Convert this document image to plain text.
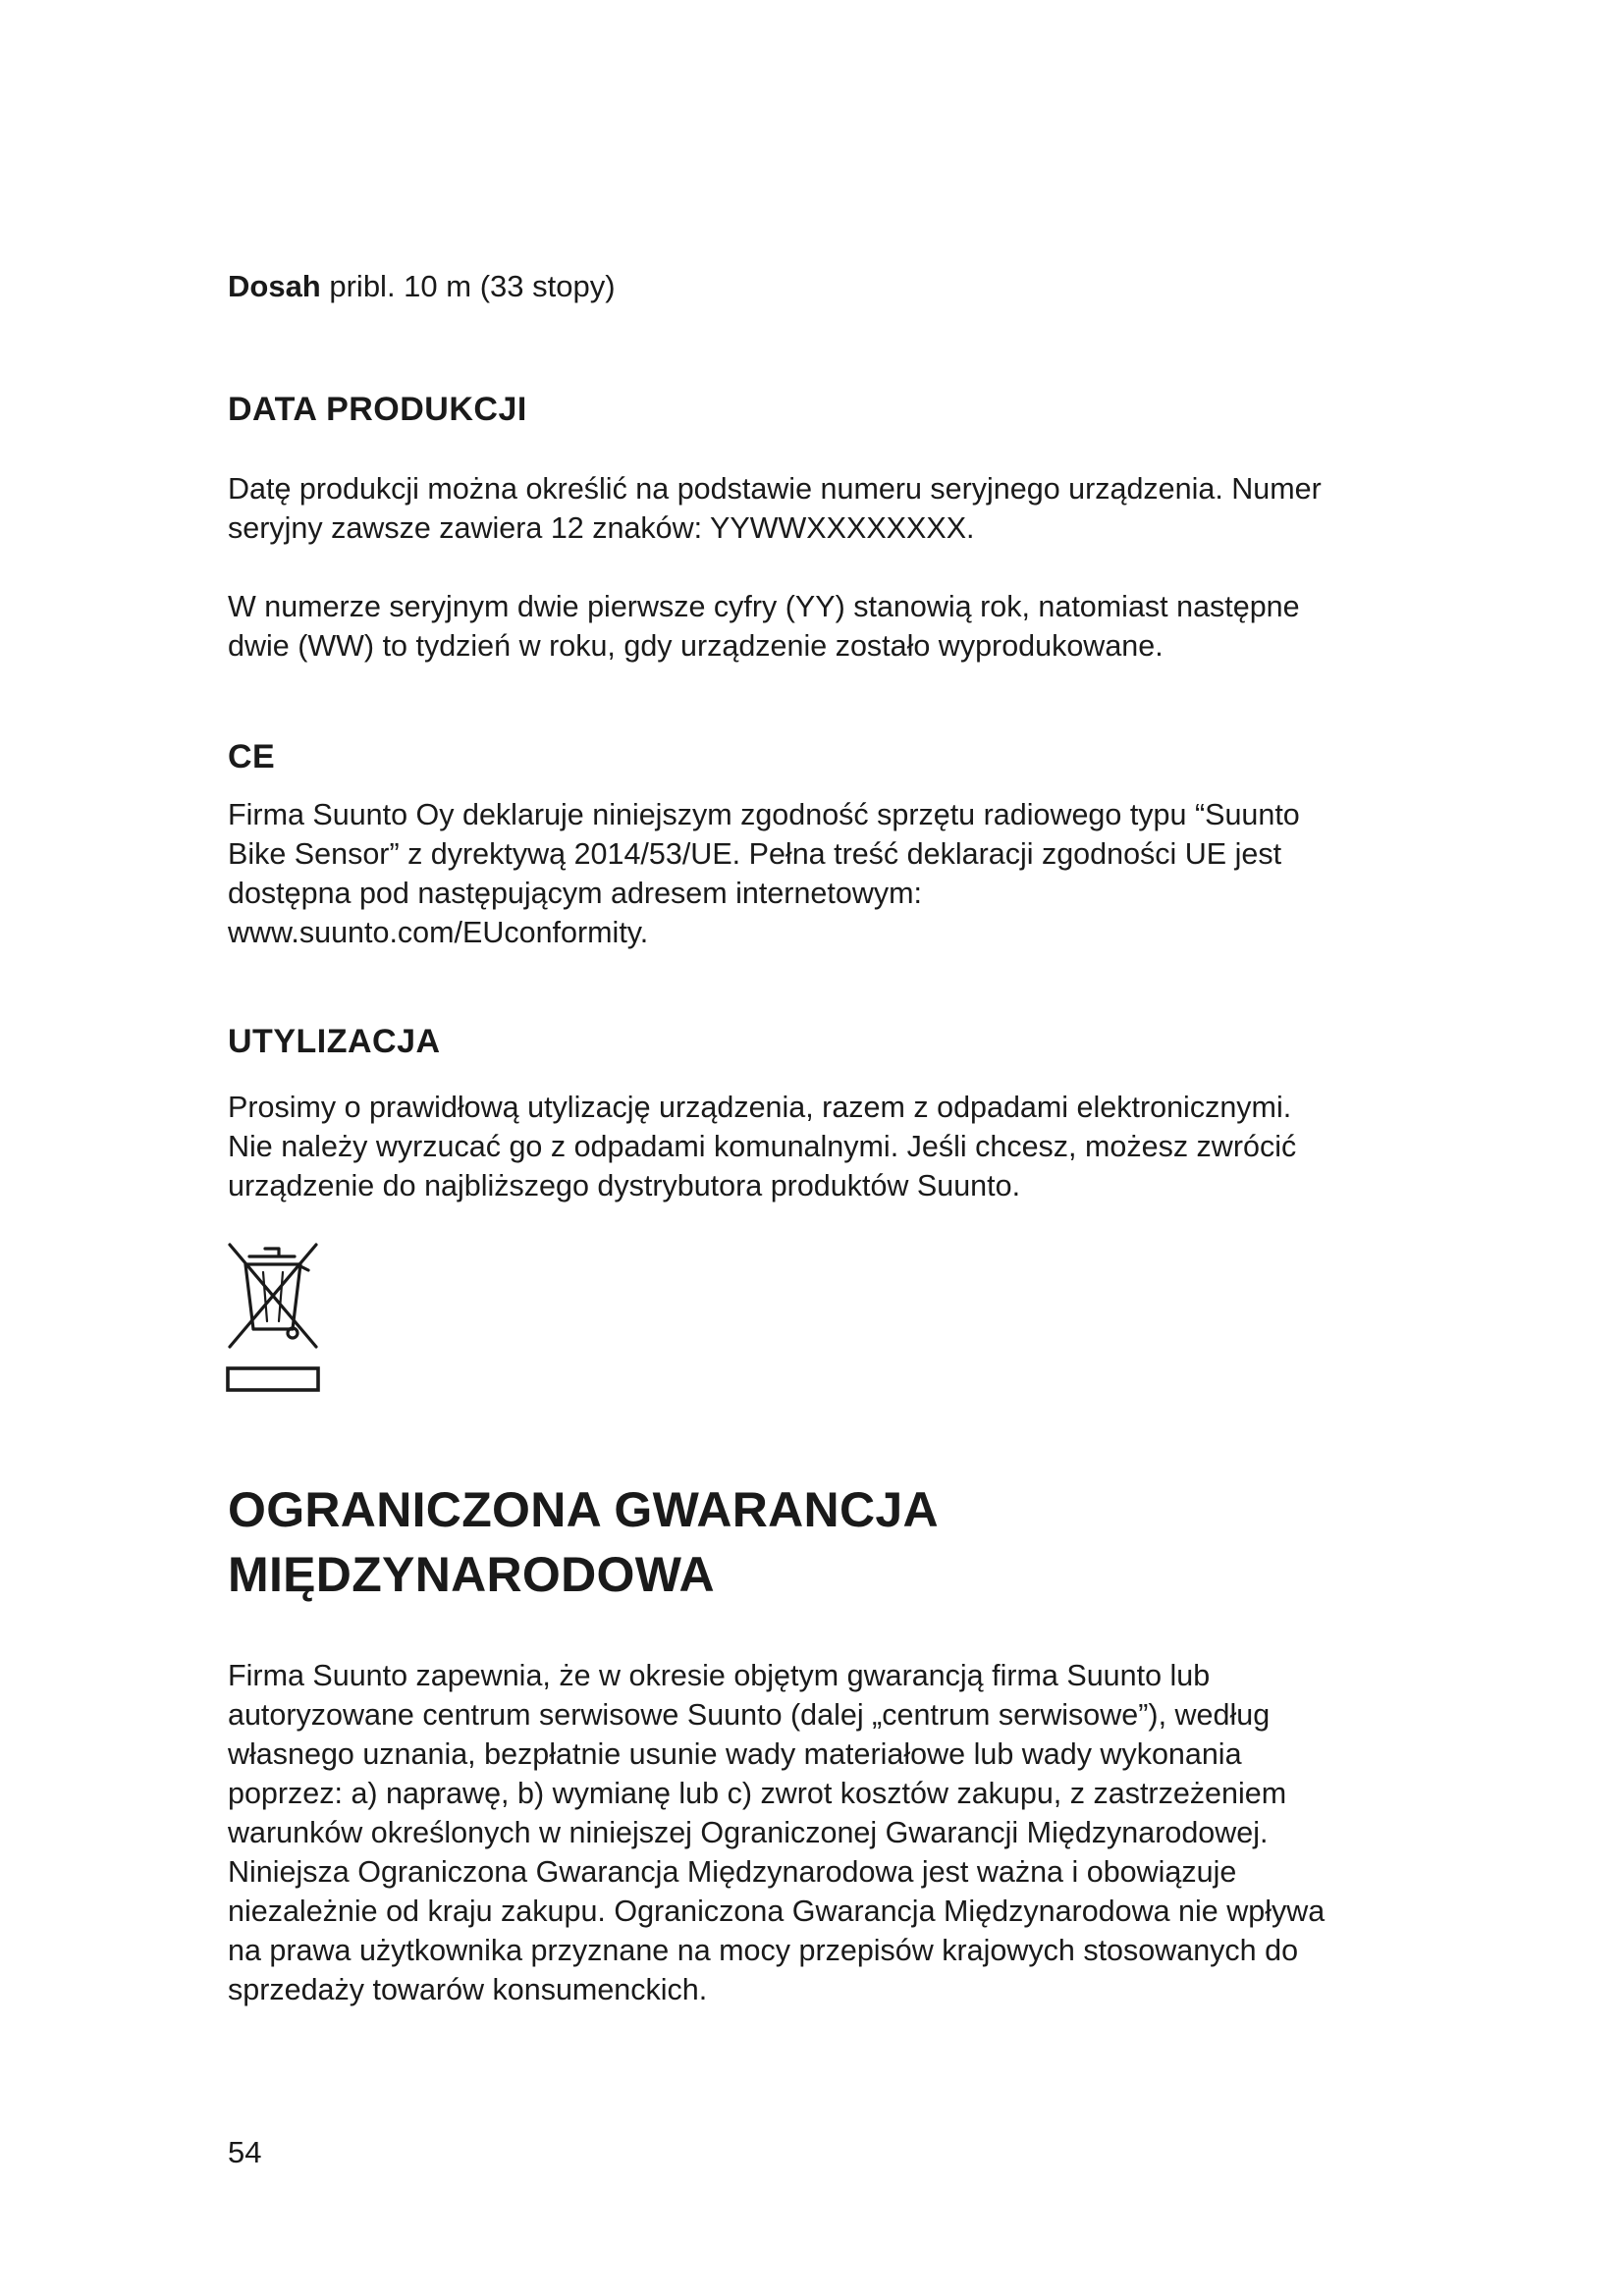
Dosah pribl. 10 m (33 stopy)
DATA PRODUKCJI

Datę produkcji można określić na podstawie numeru seryjnego urządzenia. Numer
seryjny zawsze zawiera 12 znaków: YYWWXXXXXXXX.

W numerze seryjnym dwie pierwsze cyfry (YY) stanowią rok, natomiast następne
dwie (WW) to tydzień w roku, gdy urządzenie zostało wyprodukowane.

CE

Firma Suunto Oy deklaruje niniejszym zgodność sprzętu radiowego typu “Suunto
Bike Sensor” z dyrektywą 2014/53/UE. Pełna treść deklaracji zgodności UE jest
dostępna pod następującym adresem internetowym:
www.suunto.com/EUconformity.

UTYLIZACJA

Prosimy o prawidłową utylizację urządzenia, razem z odpadami elektronicznymi.
Nie należy wyrzucać go z odpadami komunalnymi. Jeśli chcesz, możesz zwrócić
urządzenie do najbliższego dystrybutora produktów Suunto.

OGRANICZONA GWARANCJA
MIĘDZYNARODOWA

Firma Suunto zapewnia, że w okresie objętym gwarancją firma Suunto lub
autoryzowane centrum serwisowe Suunto (dalej „centrum serwisowe”), według
własnego uznania, bezpłatnie usunie wady materiałowe lub wady wykonania
poprzez: a) naprawę, b) wymianę lub c) zwrot kosztów zakupu, z zastrzeżeniem
warunków określonych w niniejszej Ograniczonej Gwarancji Międzynarodowej.
Niniejsza Ograniczona Gwarancja Międzynarodowa jest ważna i obowiązuje
niezależnie od kraju zakupu. Ograniczona Gwarancja Międzynarodowa nie wpływa
na prawa użytkownika przyznane na mocy przepisów krajowych stosowanych do
sprzedaży towarów konsumenckich.

54
